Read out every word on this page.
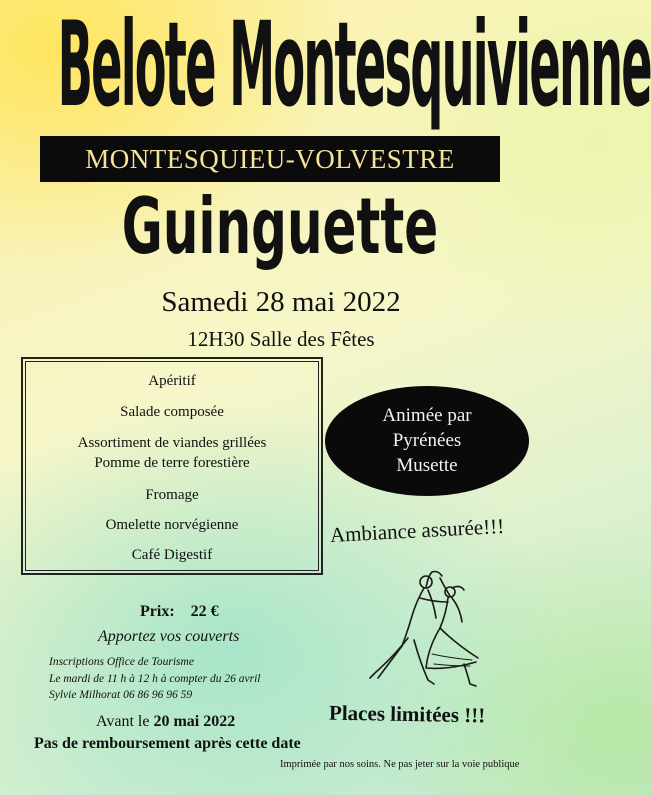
Belote Montesquivienne
MONTESQUIEU-VOLVESTRE
Guinguette
Samedi 28 mai 2022
12H30 Salle des Fêtes
Apéritif
Salade composée
Assortiment de viandes grillées
Pomme de terre forestière
Fromage
Omelette norvégienne
Café Digestif
Animée par
Pyrénées
Musette
Ambiance assurée!!!
Prix: 22 €
Apportez vos couverts
Inscriptions Office de Tourisme
Le mardi de 11 h à 12 h à compter du 26 avril
Sylvie Milhorat 06 86 96 96 59
Avant le 20 mai 2022
Pas de remboursement après cette date
Places limitées !!!
Imprimée par nos soins. Ne pas jeter sur la voie publique
